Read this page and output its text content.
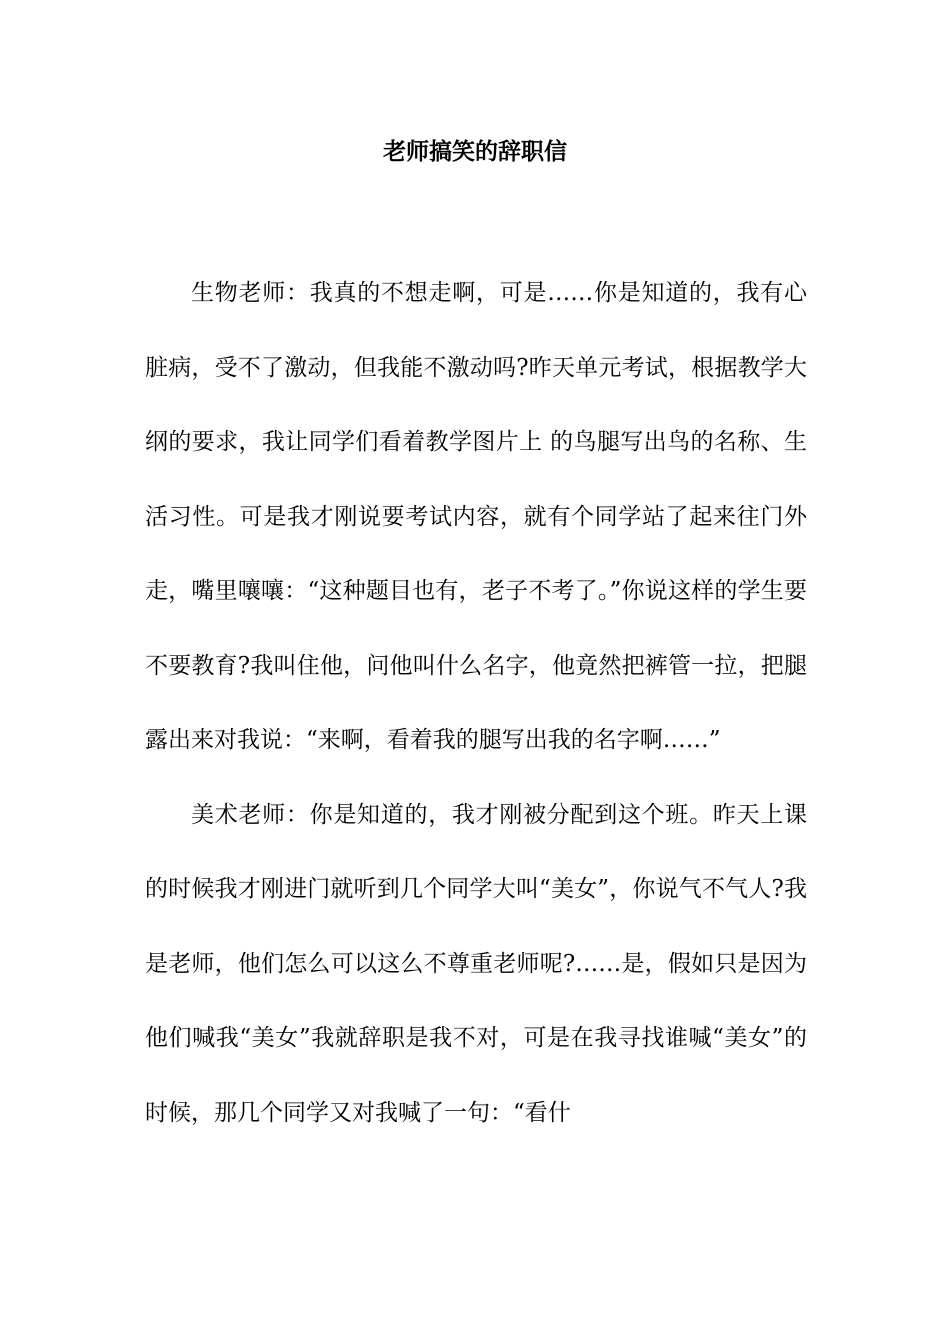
老师搞笑的辞职信

生物老师：我真的不想走啊，可是……你是知道的，我有心脏病，受不了激动，但我能不激动吗?昨天单元考试，根据教学大纲的要求，我让同学们看着教学图片上 的鸟腿写出鸟的名称、生活习性。可是我才刚说要考试内容，就有个同学站了起来往门外走，嘴里嚷嚷：“这种题目也有，老子不考了。”你说这样的学生要不要教育?我叫住他，问他叫什么名字，他竟然把裤管一拉，把腿露出来对我说：“来啊，看着我的腿写出我的名字啊……”

美术老师：你是知道的，我才刚被分配到这个班。昨天上课的时候我才刚进门就听到几个同学大叫“美女”，你说气不气人?我是老师，他们怎么可以这么不尊重老师呢?……是，假如只是因为他们喊我“美女”我就辞职是我不对，可是在我寻找谁喊“美女”的时候，那几个同学又对我喊了一句：“看什
